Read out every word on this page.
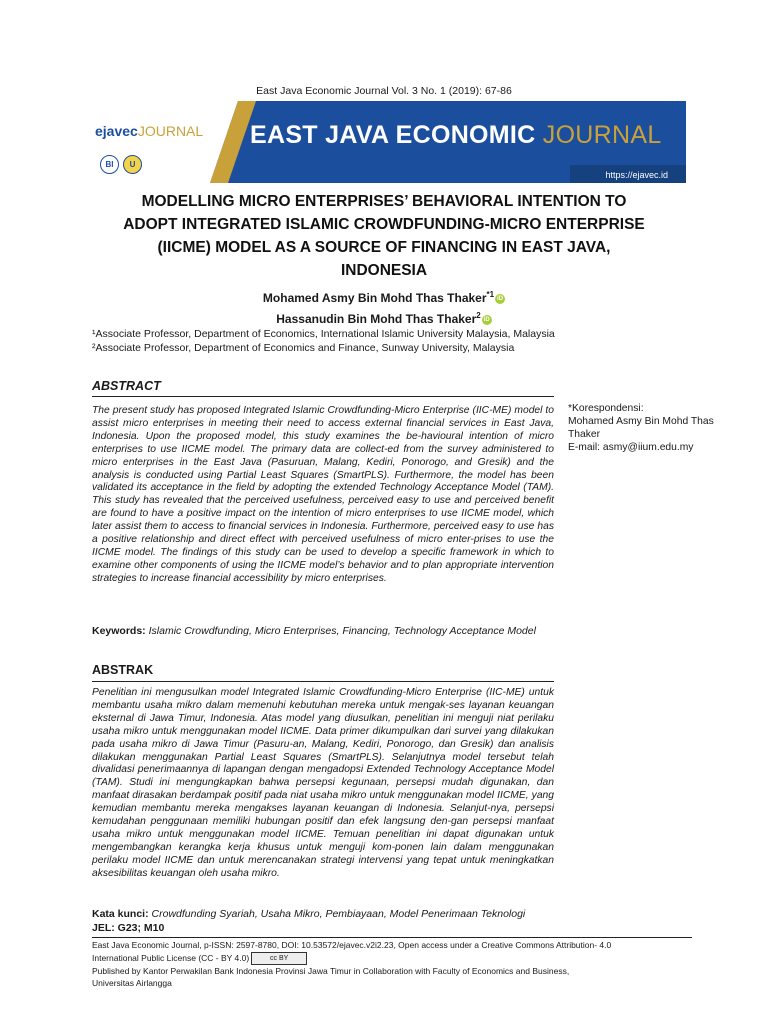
East Java Economic Journal Vol. 3 No. 1 (2019): 67-86
ejavecJOURNAL
BI U
EAST JAVA ECONOMIC JOURNAL
https://ejavec.id
MODELLING MICRO ENTERPRISES’ BEHAVIORAL INTENTION TO
ADOPT INTEGRATED ISLAMIC CROWDFUNDING-MICRO ENTERPRISE
(IICME) MODEL AS A SOURCE OF FINANCING IN EAST JAVA,
INDONESIA
Mohamed Asmy Bin Mohd Thas Thaker$^{*1}$ iD
Hassanudin Bin Mohd Thas Thaker$^2$ iD
¹Associate Professor, Department of Economics, International Islamic University Malaysia, Malaysia
²Associate Professor, Department of Economics and Finance, Sunway University, Malaysia
ABSTRACT
The present study has proposed Integrated Islamic Crowdfunding-Micro Enterprise (IIC-ME) model to assist micro enterprises in meeting their need to access external financial services in East Java, Indonesia. Upon the proposed model, this study examines the be-havioural intention of micro enterprises to use IICME model. The primary data are collect-ed from the survey administered to micro enterprises in the East Java (Pasuruan, Malang, Kediri, Ponorogo, and Gresik) and the analysis is conducted using Partial Least Squares (SmartPLS). Furthermore, the model has been validated its acceptance in the field by adopting the extended Technology Acceptance Model (TAM). This study has revealed that the perceived usefulness, perceived easy to use and perceived benefit are found to have a positive impact on the intention of micro enterprises to use IICME model, which later assist them to access to financial services in Indonesia. Furthermore, perceived easy to use has a positive relationship and direct effect with perceived usefulness of micro enter-prises to use the IICME model. The findings of this study can be used to develop a specific framework in which to examine other components of using the IICME model’s behavior and to plan appropriate intervention strategies to increase financial accessibility by micro enterprises.
Keywords: Islamic Crowdfunding, Micro Enterprises, Financing, Technology Acceptance Model
*Korespondensi:
Mohamed Asmy Bin Mohd Thas Thaker
E-mail: asmy@iium.edu.my
ABSTRAK
Penelitian ini mengusulkan model Integrated Islamic Crowdfunding-Micro Enterprise (IIC-ME) untuk membantu usaha mikro dalam memenuhi kebutuhan mereka untuk mengak-ses layanan keuangan eksternal di Jawa Timur, Indonesia. Atas model yang diusulkan, penelitian ini menguji niat perilaku usaha mikro untuk menggunakan model IICME. Data primer dikumpulkan dari survei yang dilakukan pada usaha mikro di Jawa Timur (Pasuru-an, Malang, Kediri, Ponorogo, dan Gresik) dan analisis dilakukan menggunakan Partial Least Squares (SmartPLS). Selanjutnya model tersebut telah divalidasi penerimaannya di lapangan dengan mengadopsi Extended Technology Acceptance Model (TAM). Studi ini mengungkapkan bahwa persepsi kegunaan, persepsi mudah digunakan, dan manfaat dirasakan berdampak positif pada niat usaha mikro untuk menggunakan model IICME, yang kemudian membantu mereka mengakses layanan keuangan di Indonesia. Selanjut-nya, persepsi kemudahan penggunaan memiliki hubungan positif dan efek langsung den-gan persepsi manfaat usaha mikro untuk menggunakan model IICME. Temuan penelitian ini dapat digunakan untuk mengembangkan kerangka kerja khusus untuk menguji kom-ponen lain dalam menggunakan perilaku model IICME dan untuk merencanakan strategi intervensi yang tepat untuk meningkatkan aksesibilitas keuangan oleh usaha mikro.
Kata kunci: Crowdfunding Syariah, Usaha Mikro, Pembiayaan, Model Penerimaan Teknologi
JEL: G23; M10
East Java Economic Journal, p-ISSN: 2597-8780, DOI: 10.53572/ejavec.v2i2.23, Open access under a Creative Commons Attribution- 4.0
International Public License (CC - BY 4.0)	cc BY
Published by Kantor Perwakilan Bank Indonesia Provinsi Jawa Timur in Collaboration with Faculty of Economics and Business,
Universitas Airlangga
